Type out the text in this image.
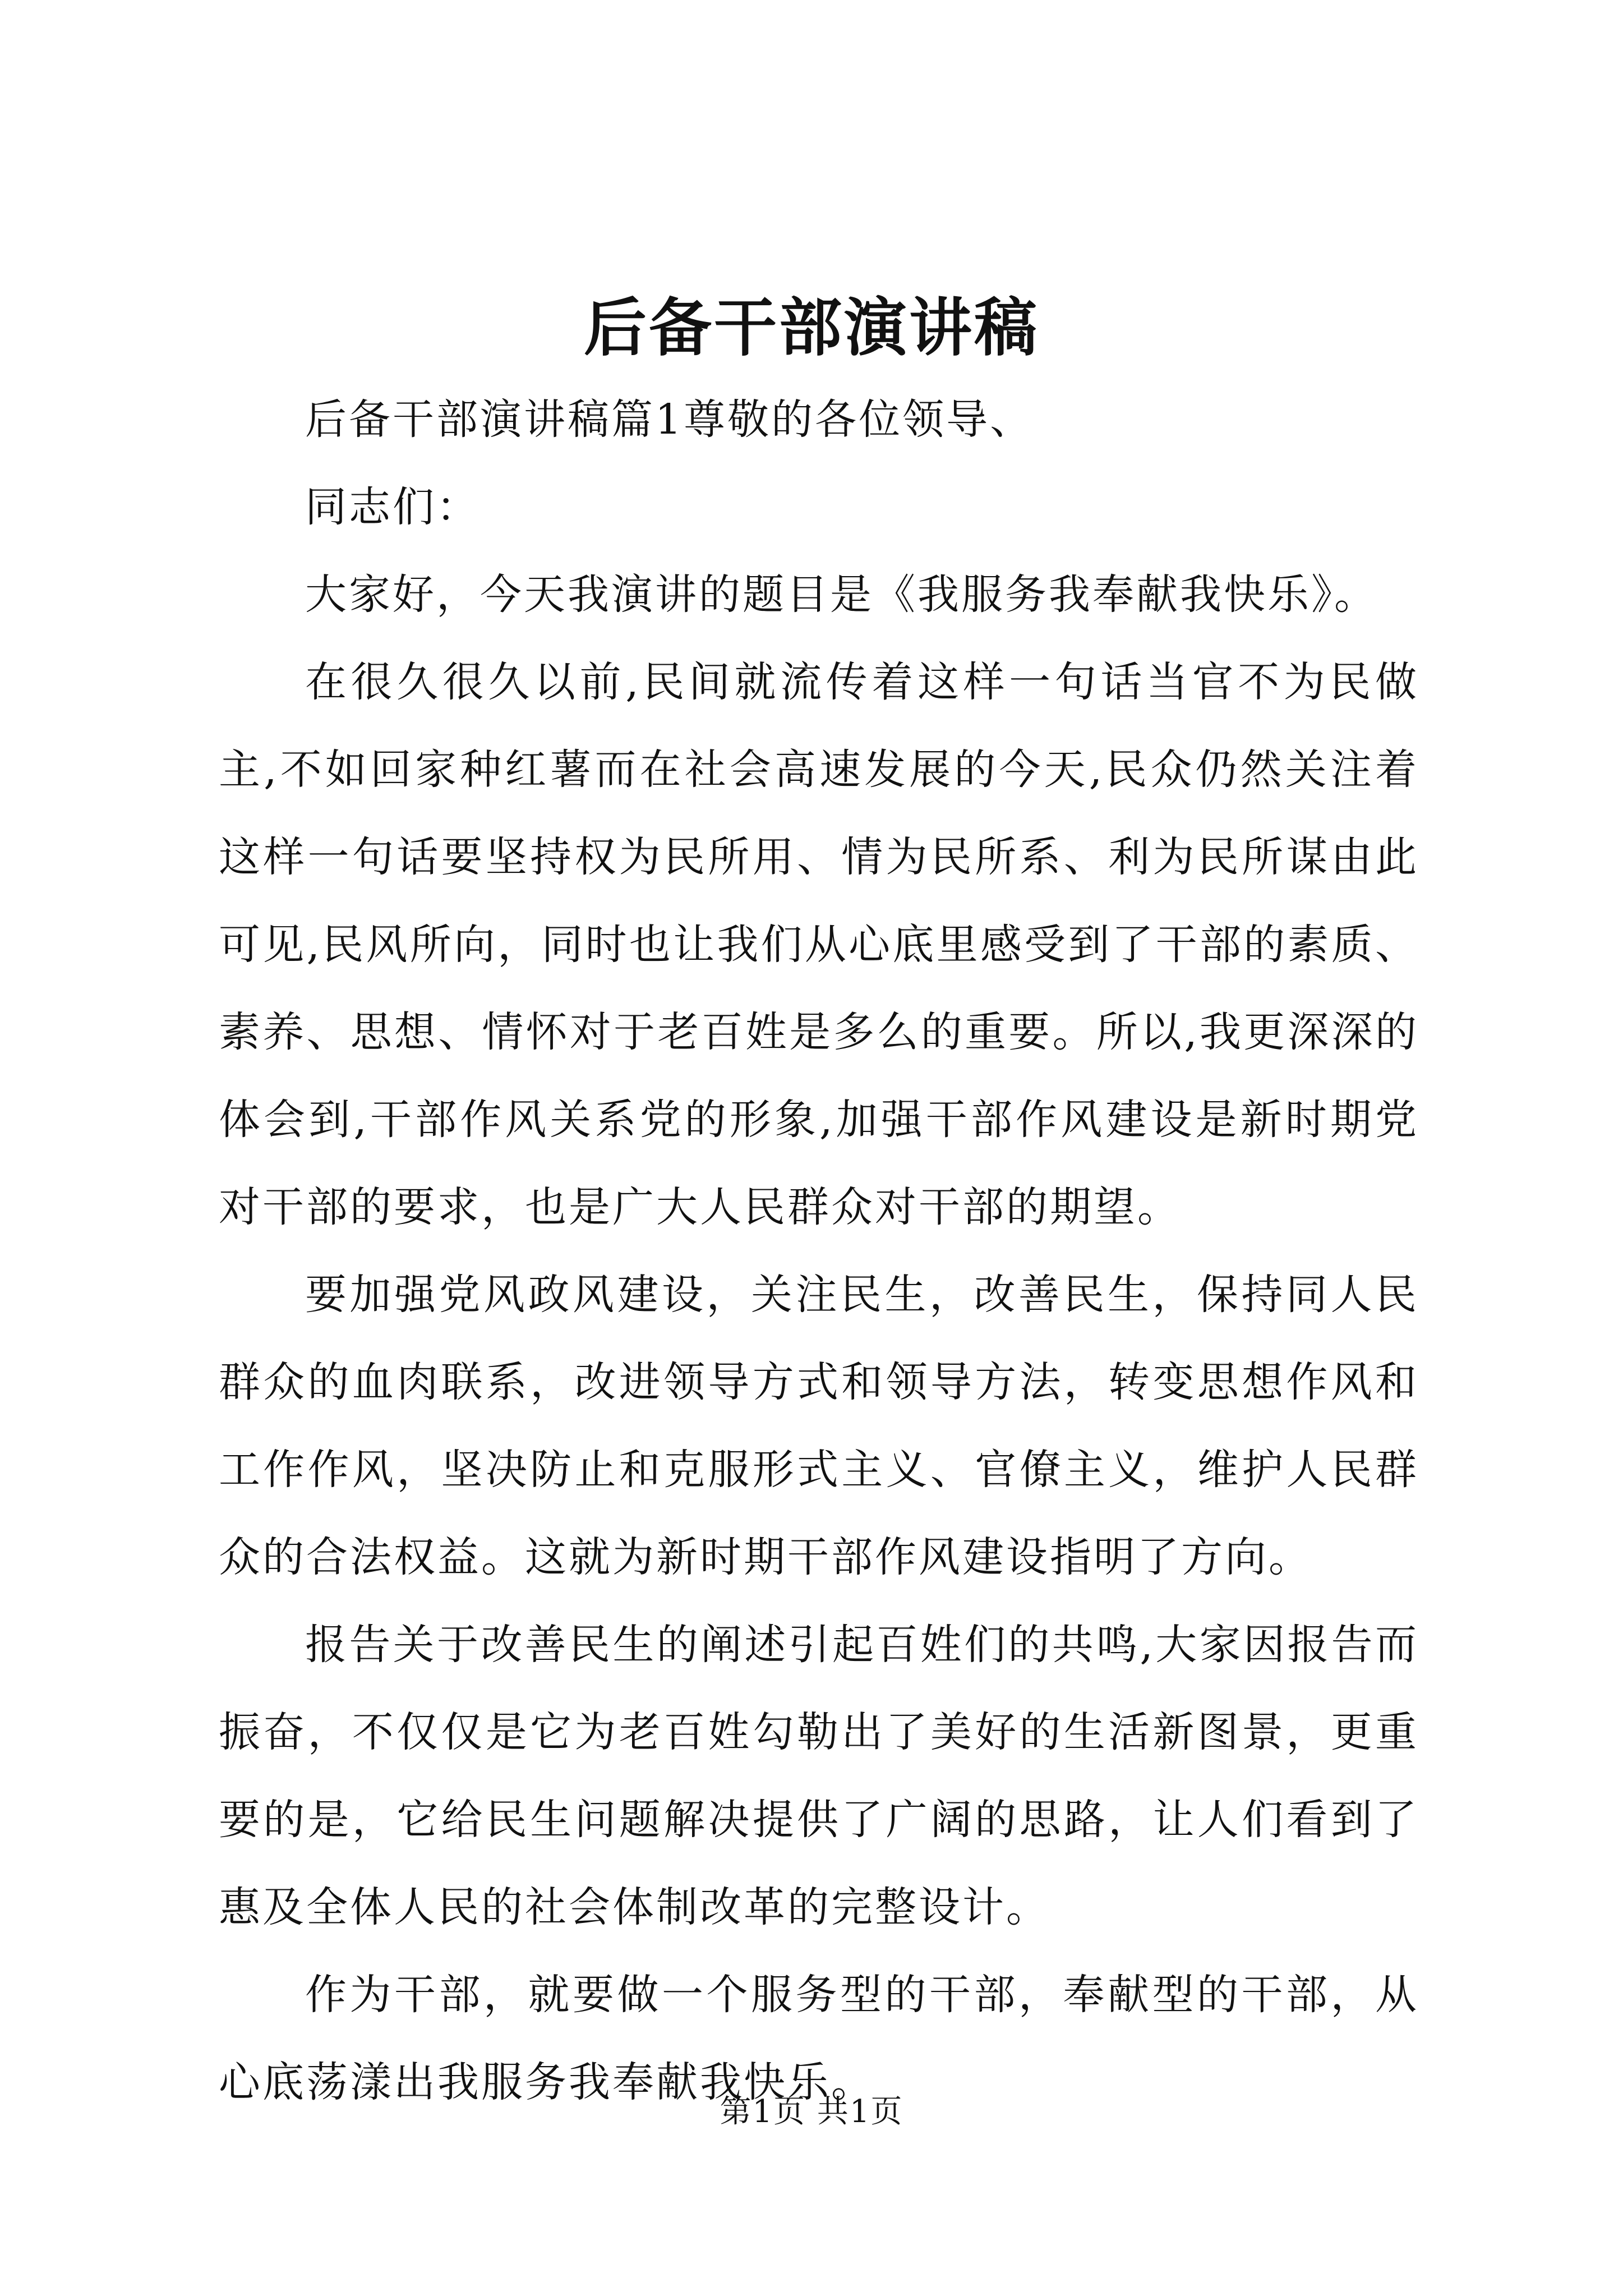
后备干部演讲稿

后备干部演讲稿篇1尊敬的各位领导、

同志们：

大家好，今天我演讲的题目是《我服务我奉献我快乐》。

在很久很久以前,民间就流传着这样一句话当官不为民做主,不如回家种红薯而在社会高速发展的今天,民众仍然关注着这样一句话要坚持权为民所用、情为民所系、利为民所谋由此可见,民风所向，同时也让我们从心底里感受到了干部的素质、素养、思想、情怀对于老百姓是多么的重要。所以,我更深深的体会到,干部作风关系党的形象,加强干部作风建设是新时期党对干部的要求，也是广大人民群众对干部的期望。

要加强党风政风建设，关注民生，改善民生，保持同人民群众的血肉联系，改进领导方式和领导方法，转变思想作风和工作作风，坚决防止和克服形式主义、官僚主义，维护人民群众的合法权益。这就为新时期干部作风建设指明了方向。

报告关于改善民生的阐述引起百姓们的共鸣,大家因报告而振奋，不仅仅是它为老百姓勾勒出了美好的生活新图景，更重要的是，它给民生问题解决提供了广阔的思路，让人们看到了惠及全体人民的社会体制改革的完整设计。

作为干部，就要做一个服务型的干部，奉献型的干部，从心底荡漾出我服务我奉献我快乐。

第1页 共1页
